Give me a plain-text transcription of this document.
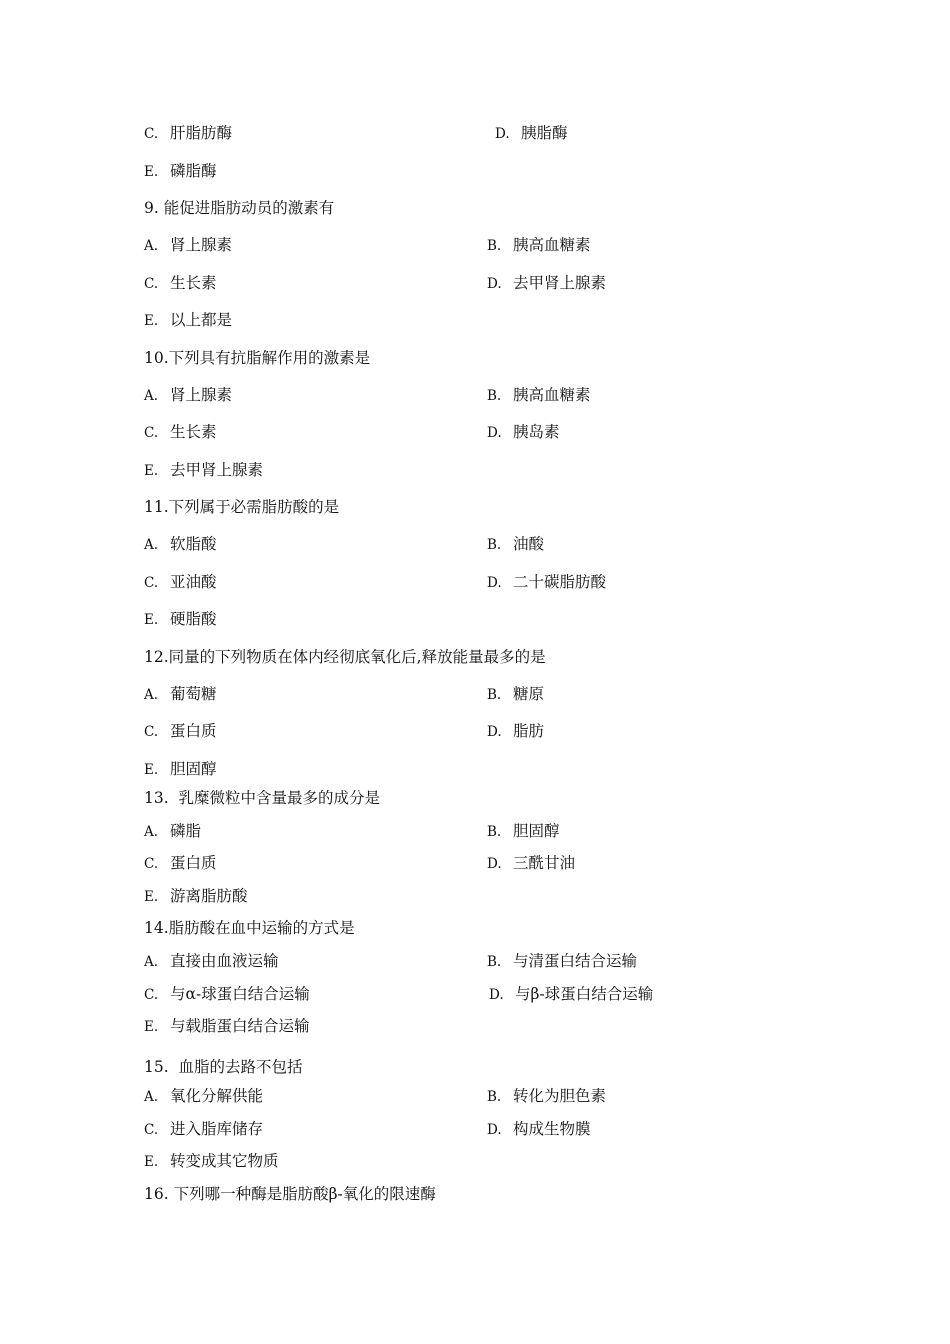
C. 肝脂肪酶	D. 胰脂酶
E. 磷脂酶
9. 能促进脂肪动员的激素有
A. 肾上腺素	B. 胰高血糖素
C. 生长素	D. 去甲肾上腺素
E. 以上都是
10.下列具有抗脂解作用的激素是
A. 肾上腺素	B. 胰高血糖素
C. 生长素	D. 胰岛素
E. 去甲肾上腺素
11.下列属于必需脂肪酸的是
A. 软脂酸	B. 油酸
C. 亚油酸	D. 二十碳脂肪酸
E. 硬脂酸
12.同量的下列物质在体内经彻底氧化后,释放能量最多的是
A. 葡萄糖	B. 糖原
C. 蛋白质	D. 脂肪
E. 胆固醇
13. 乳糜微粒中含量最多的成分是
A. 磷脂	B. 胆固醇
C. 蛋白质	D. 三酰甘油
E. 游离脂肪酸
14.脂肪酸在血中运输的方式是
A. 直接由血液运输	B. 与清蛋白结合运输
C. 与α-球蛋白结合运输	D. 与β-球蛋白结合运输
E. 与载脂蛋白结合运输
15. 血脂的去路不包括
A. 氧化分解供能	B. 转化为胆色素
C. 进入脂库储存	D. 构成生物膜
E. 转变成其它物质
16. 下列哪一种酶是脂肪酸β-氧化的限速酶
